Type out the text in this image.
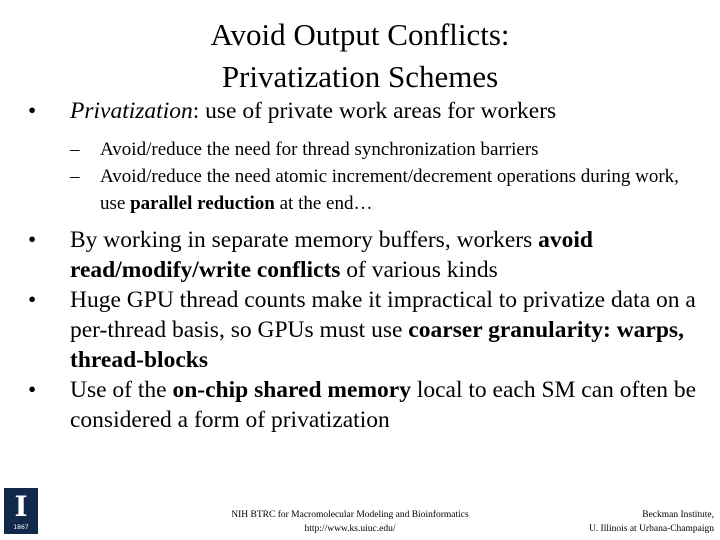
Avoid Output Conflicts:
Privatization Schemes
• Privatization: use of private work areas for workers
– Avoid/reduce the need for thread synchronization barriers
– Avoid/reduce the need atomic increment/decrement operations during work, use parallel reduction at the end…
• By working in separate memory buffers, workers avoid read/modify/write conflicts of various kinds
• Huge GPU thread counts make it impractical to privatize data on a per-thread basis, so GPUs must use coarser granularity: warps, thread-blocks
• Use of the on-chip shared memory local to each SM can often be considered a form of privatization
I
1867
NIH BTRC for Macromolecular Modeling and Bioinformatics
http://www.ks.uiuc.edu/
Beckman Institute,
U. Illinois at Urbana-Champaign
